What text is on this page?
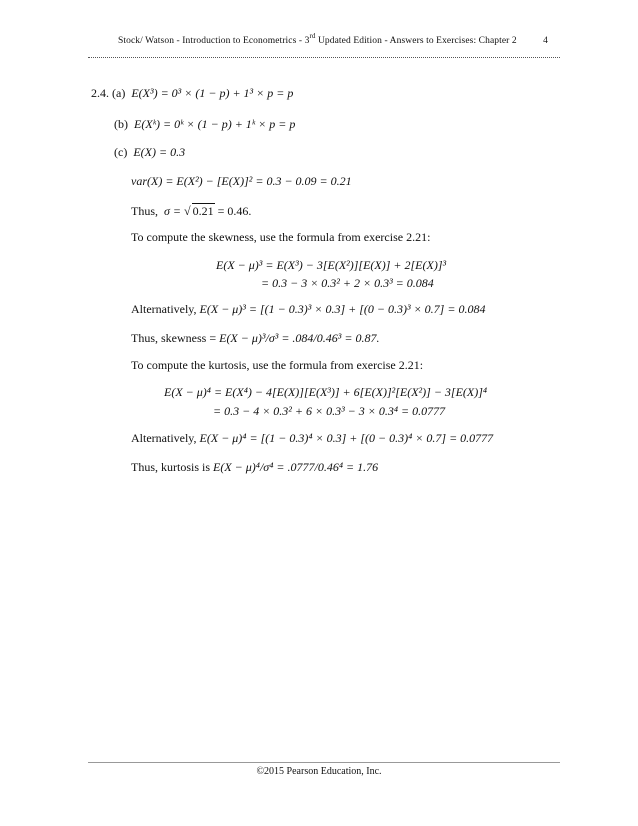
Stock/ Watson - Introduction to Econometrics - 3rd Updated Edition - Answers to Exercises: Chapter 2	4
2.4. (a) E(X³) = 0³ × (1 − p) + 1³ × p = p
(b) E(Xᵏ) = 0ᵏ × (1 − p) + 1ᵏ × p = p
(c) E(X) = 0.3
var(X) = E(X²) − [E(X)]² = 0.3 − 0.09 = 0.21
Thus, σ = √ 0.21 = 0.46.
To compute the skewness, use the formula from exercise 2.21:
E(X − μ)³ = E(X³) − 3[E(X²)][E(X)] + 2[E(X)]³
= 0.3 − 3 × 0.3² + 2 × 0.3³ = 0.084
Alternatively, E(X − μ)³ = [(1 − 0.3)³ × 0.3] + [(0 − 0.3)³ × 0.7] = 0.084
Thus, skewness = E(X − μ)³/σ³ = .084/0.46³ = 0.87.
To compute the kurtosis, use the formula from exercise 2.21:
E(X − μ)⁴ = E(X⁴) − 4[E(X)][E(X³)] + 6[E(X)]²[E(X²)] − 3[E(X)]⁴
= 0.3 − 4 × 0.3² + 6 × 0.3³ − 3 × 0.3⁴ = 0.0777
Alternatively, E(X − μ)⁴ = [(1 − 0.3)⁴ × 0.3] + [(0 − 0.3)⁴ × 0.7] = 0.0777
Thus, kurtosis is E(X − μ)⁴/σ⁴ = .0777/0.46⁴ = 1.76
©2015 Pearson Education, Inc.
